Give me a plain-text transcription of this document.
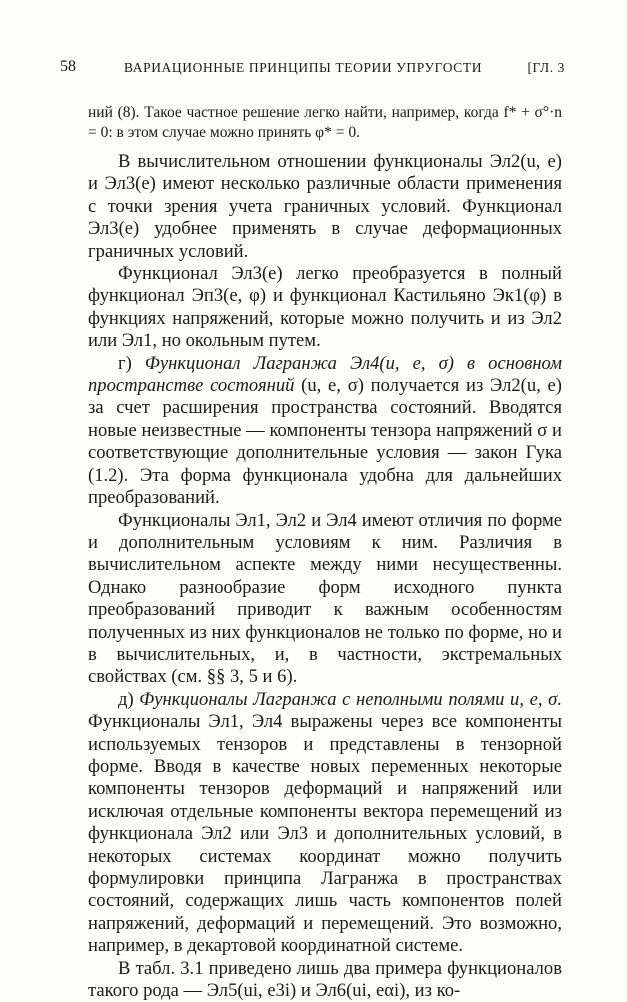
58	ВАРИАЦИОННЫЕ ПРИНЦИПЫ ТЕОРИИ УПРУГОСТИ	[ГЛ. 3

ний (8). Такое частное решение легко найти, например, когда f* + σ°·n = 0: в этом случае можно принять φ* = 0.

В вычислительном отношении функционалы Эл2(u, e) и Эл3(e) имеют несколько различные области применения с точки зрения учета граничных условий. Функционал Эл3(e) удобнее применять в случае деформационных граничных условий.

Функционал Эл3(e) легко преобразуется в полный функционал Эп3(e, φ) и функционал Кастильяно Эк1(φ) в функциях напряжений, которые можно получить и из Эл2 или Эл1, но окольным путем.

г) Функционал Лагранжа Эл4(u, e, σ) в основном пространстве состояний (u, e, σ) получается из Эл2(u, e) за счет расширения пространства состояний. Вводятся новые неизвестные — компоненты тензора напряжений σ и соответствующие дополнительные условия — закон Гука (1.2). Эта форма функционала удобна для дальнейших преобразований.

Функционалы Эл1, Эл2 и Эл4 имеют отличия по форме и дополнительным условиям к ним. Различия в вычислительном аспекте между ними несущественны. Однако разнообразие форм исходного пункта преобразований приводит к важным особенностям полученных из них функционалов не только по форме, но и в вычислительных, и, в частности, экстремальных свойствах (см. §§ 3, 5 и 6).

д) Функционалы Лагранжа с неполными полями u, e, σ. Функционалы Эл1, Эл4 выражены через все компоненты используемых тензоров и представлены в тензорной форме. Вводя в качестве новых переменных некоторые компоненты тензоров деформаций и напряжений или исключая отдельные компоненты вектора перемещений из функционала Эл2 или Эл3 и дополнительных условий, в некоторых системах координат можно получить формулировки принципа Лагранжа в пространствах состояний, содержащих лишь часть компонентов полей напряжений, деформаций и перемещений. Это возможно, например, в декартовой координатной системе.

В табл. 3.1 приведено лишь два примера функционалов такого рода — Эл5(ui, e3i) и Эл6(ui, eαi), из ко-
